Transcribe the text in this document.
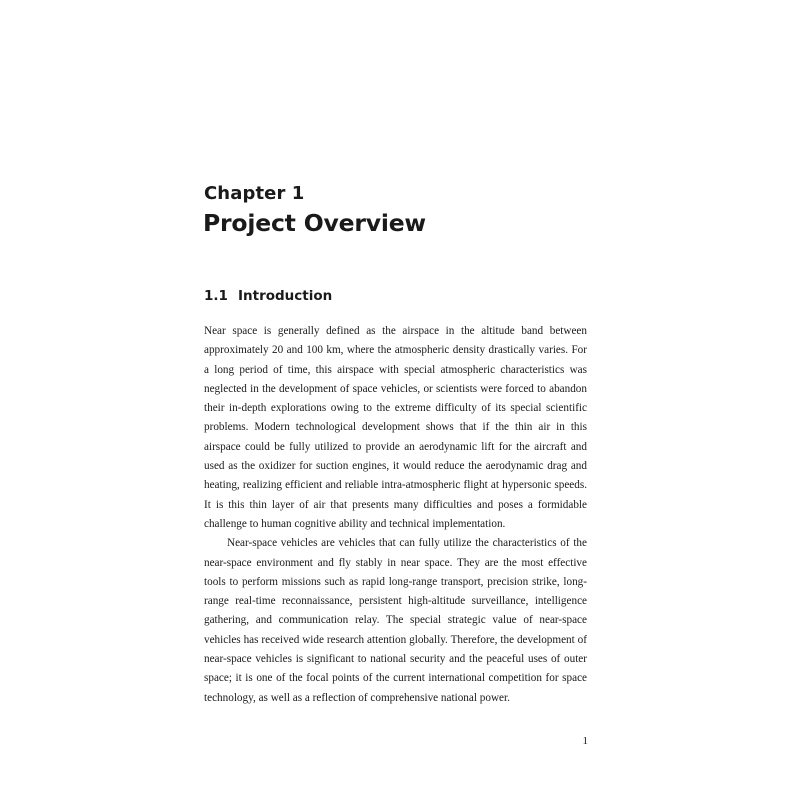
Chapter 1
Project Overview
1.1 Introduction

Near space is generally defined as the airspace in the altitude band between approximately 20 and 100 km, where the atmospheric density drastically varies. For a long period of time, this airspace with special atmospheric characteristics was neglected in the development of space vehicles, or scientists were forced to abandon their in-depth explorations owing to the extreme difficulty of its special scientific problems. Modern technological development shows that if the thin air in this airspace could be fully utilized to provide an aerodynamic lift for the aircraft and used as the oxidizer for suction engines, it would reduce the aerodynamic drag and heating, realizing efficient and reliable intra-atmospheric flight at hypersonic speeds. It is this thin layer of air that presents many difficulties and poses a formidable challenge to human cognitive ability and technical implementation.

Near-space vehicles are vehicles that can fully utilize the characteristics of the near-space environment and fly stably in near space. They are the most effective tools to perform missions such as rapid long-range transport, precision strike, long-range real-time reconnaissance, persistent high-altitude surveillance, intelligence gathering, and communication relay. The special strategic value of near-space vehicles has received wide research attention globally. Therefore, the development of near-space vehicles is significant to national security and the peaceful uses of outer space; it is one of the focal points of the current international competition for space technology, as well as a reflection of comprehensive national power.

1
